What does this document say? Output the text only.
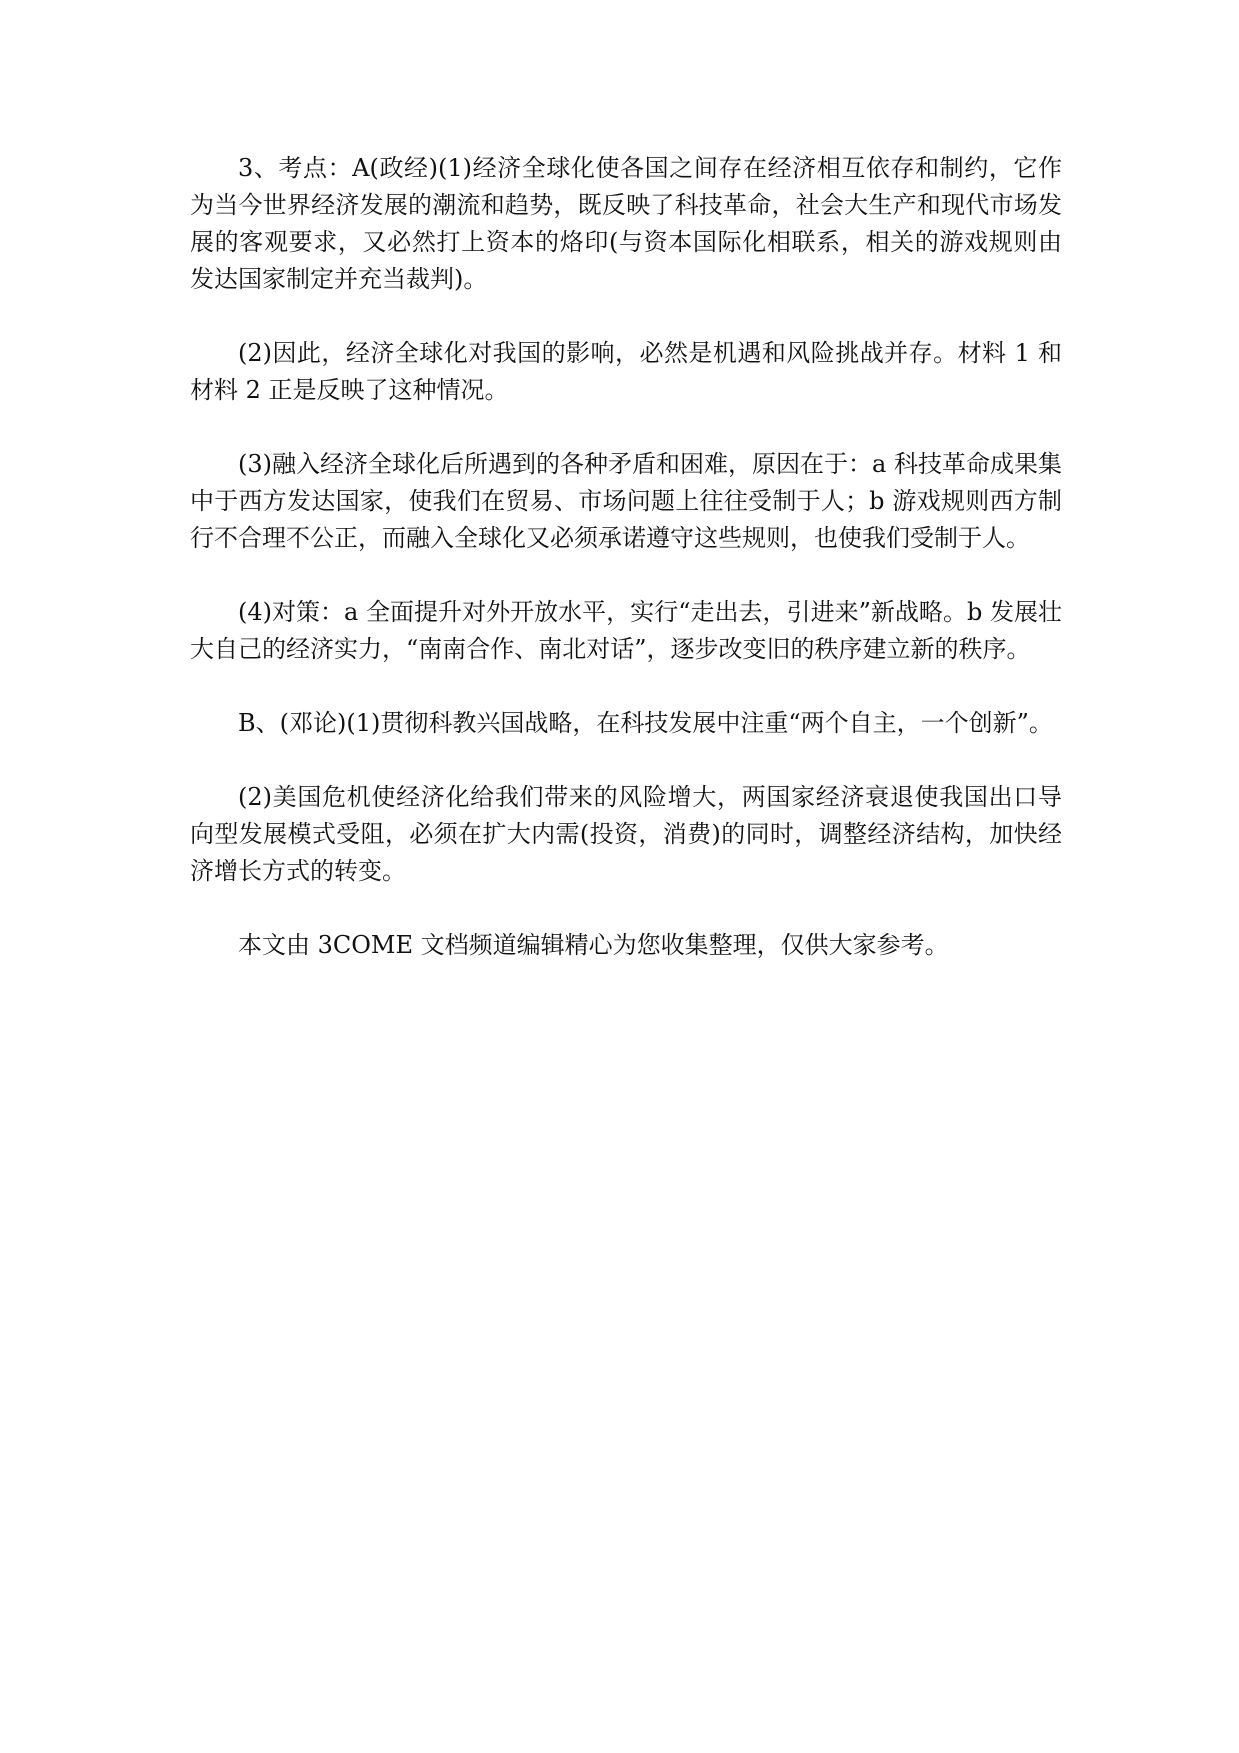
3、考点：A(政经)(1)经济全球化使各国之间存在经济相互依存和制约，它作为当今世界经济发展的潮流和趋势，既反映了科技革命，社会大生产和现代市场发展的客观要求，又必然打上资本的烙印(与资本国际化相联系，相关的游戏规则由发达国家制定并充当裁判)。

(2)因此，经济全球化对我国的影响，必然是机遇和风险挑战并存。材料 1 和材料 2 正是反映了这种情况。

(3)融入经济全球化后所遇到的各种矛盾和困难，原因在于：a 科技革命成果集中于西方发达国家，使我们在贸易、市场问题上往往受制于人；b 游戏规则西方制行不合理不公正，而融入全球化又必须承诺遵守这些规则，也使我们受制于人。

(4)对策：a 全面提升对外开放水平，实行“走出去，引进来”新战略。b 发展壮大自己的经济实力，“南南合作、南北对话”，逐步改变旧的秩序建立新的秩序。

B、(邓论)(1)贯彻科教兴国战略，在科技发展中注重“两个自主，一个创新”。

(2)美国危机使经济化给我们带来的风险增大，两国家经济衰退使我国出口导向型发展模式受阻，必须在扩大内需(投资，消费)的同时，调整经济结构，加快经济增长方式的转变。

本文由 3COME 文档频道编辑精心为您收集整理，仅供大家参考。
